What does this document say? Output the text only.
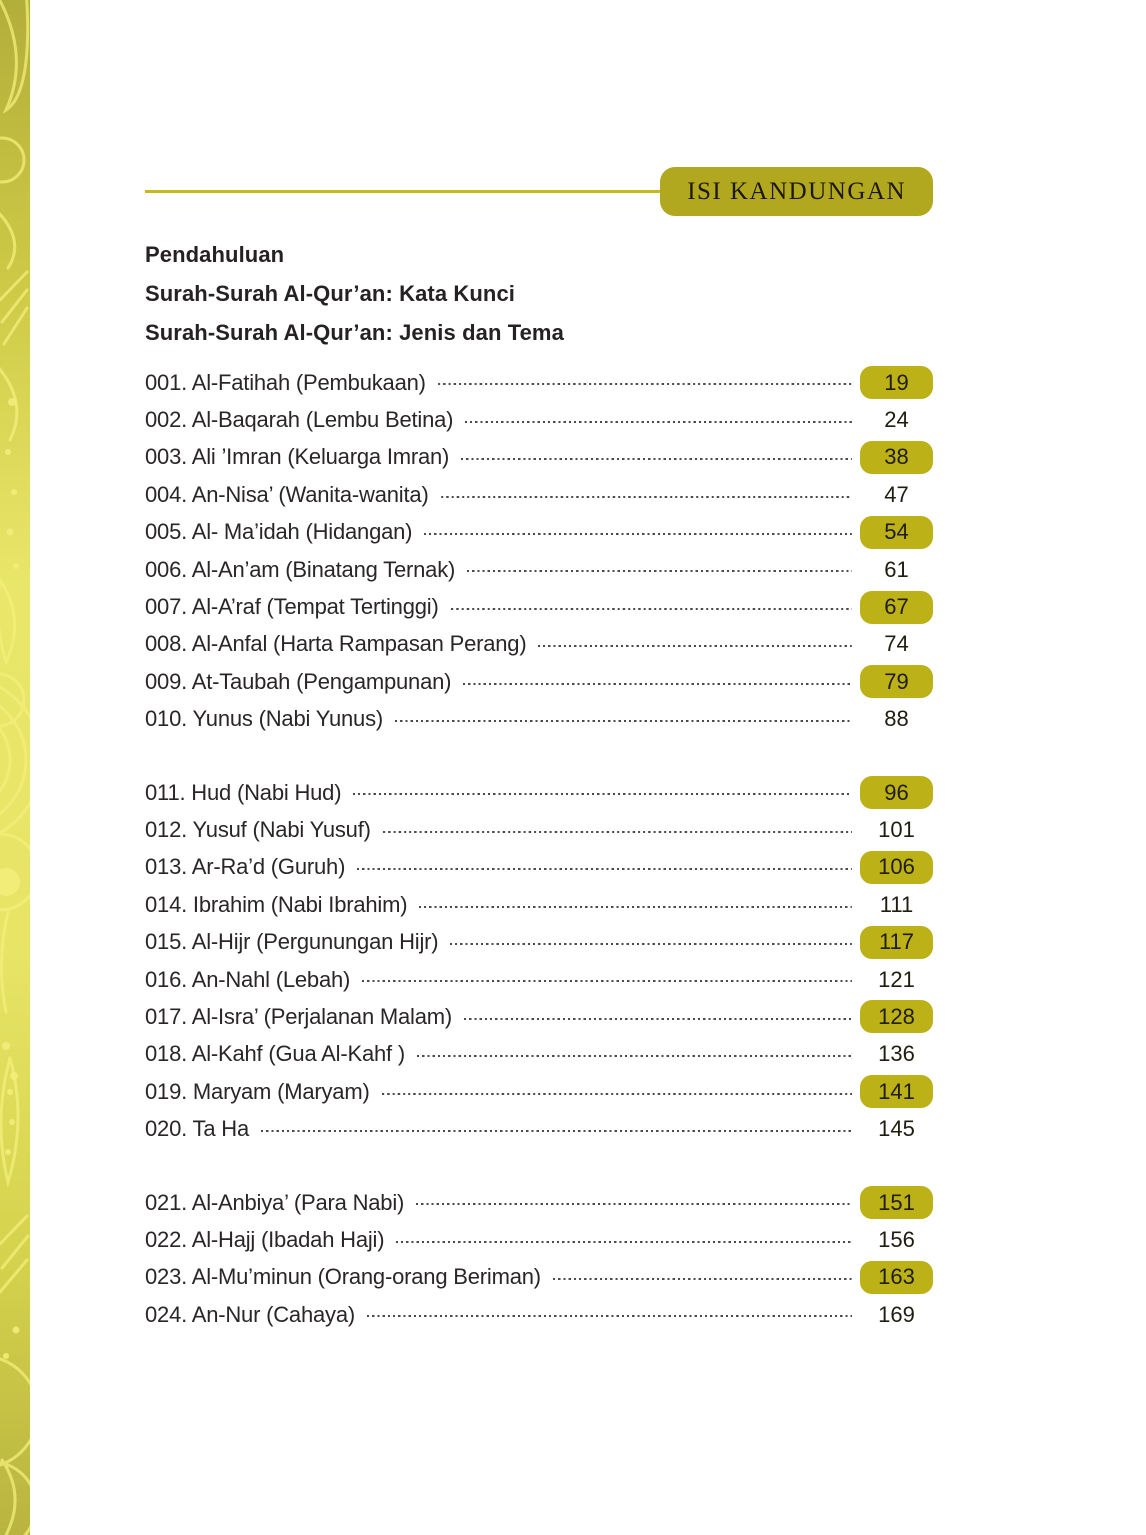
ISI KANDUNGAN
Pendahuluan
Surah-Surah Al-Qur’an: Kata Kunci
Surah-Surah Al-Qur’an: Jenis dan Tema
001. Al-Fatihah (Pembukaan)	19
002. Al-Baqarah (Lembu Betina)	24
003. Ali ’Imran (Keluarga Imran)	38
004. An-Nisa’ (Wanita-wanita)	47
005. Al- Ma’idah (Hidangan)	54
006. Al-An’am (Binatang Ternak)	61
007. Al-A’raf (Tempat Tertinggi)	67
008. Al-Anfal (Harta Rampasan Perang)	74
009. At-Taubah (Pengampunan)	79
010. Yunus (Nabi Yunus)	88
011. Hud (Nabi Hud)	96
012. Yusuf (Nabi Yusuf)	101
013. Ar-Ra’d (Guruh)	106
014. Ibrahim (Nabi Ibrahim)	111
015. Al-Hijr (Pergunungan Hijr)	117
016. An-Nahl (Lebah)	121
017. Al-Isra’ (Perjalanan Malam)	128
018. Al-Kahf (Gua Al-Kahf )	136
019. Maryam (Maryam)	141
020. Ta Ha	145
021. Al-Anbiya’ (Para Nabi)	151
022. Al-Hajj (Ibadah Haji)	156
023. Al-Mu’minun (Orang-orang Beriman)	163
024. An-Nur (Cahaya)	169
